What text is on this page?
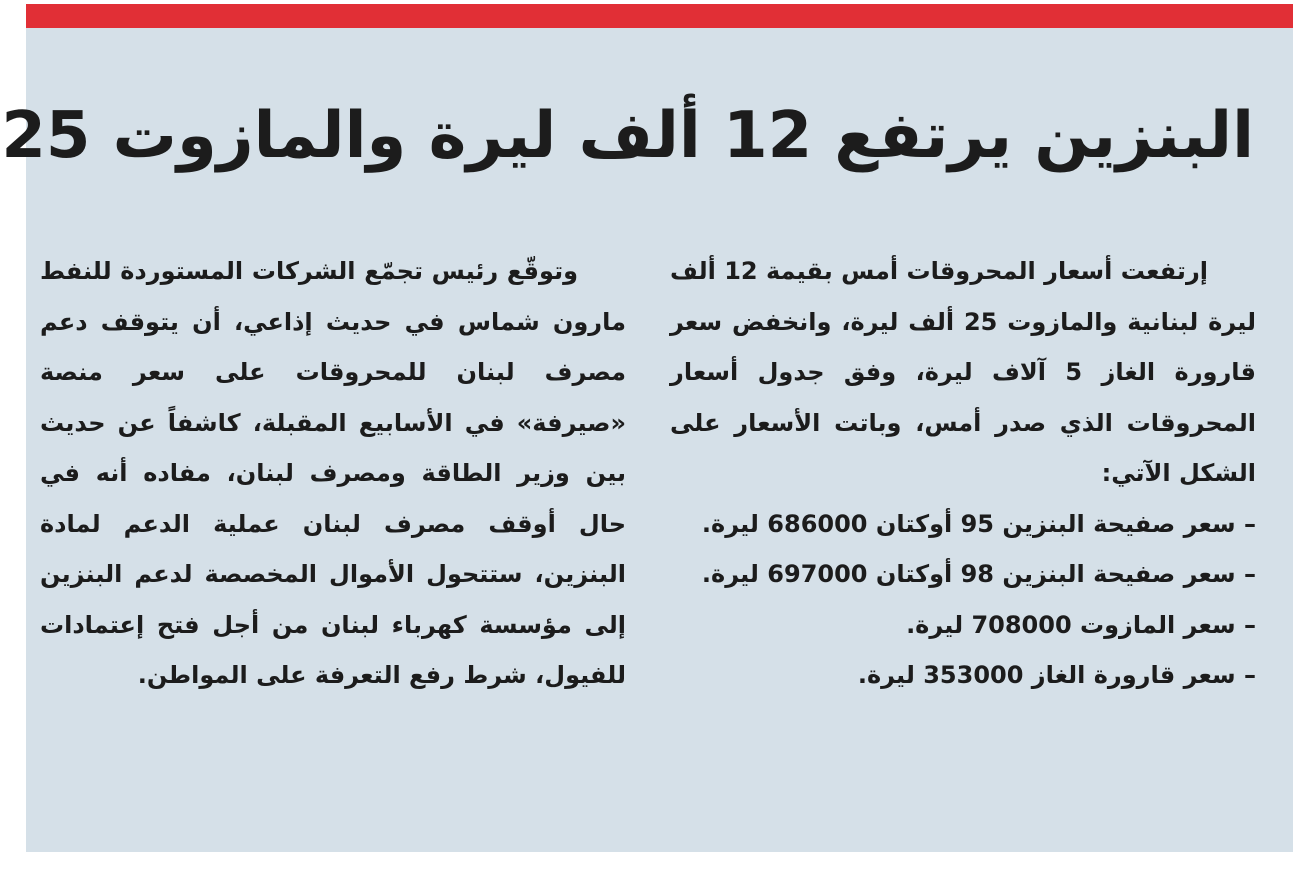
البنزين يرتفع 12 ألف ليرة والمازوت 25

إرتفعت أسعار المحروقات أمس بقيمة 12 ألف ليرة لبنانية والمازوت 25 ألف ليرة، وانخفض سعر قارورة الغاز 5 آلاف ليرة، وفق جدول أسعار المحروقات الذي صدر أمس، وباتت الأسعار على الشكل الآتي:

– سعر صفيحة البنزين 95 أوكتان 686000 ليرة.

– سعر صفيحة البنزين 98 أوكتان 697000 ليرة.

– سعر المازوت 708000 ليرة.

– سعر قارورة الغاز 353000 ليرة.

وتوقّع رئيس تجمّع الشركات المستوردة للنفط مارون شماس في حديث إذاعي، أن يتوقف دعم مصرف لبنان للمحروقات على سعر منصة «صيرفة» في الأسابيع المقبلة، كاشفاً عن حديث بين وزير الطاقة ومصرف لبنان، مفاده أنه في حال أوقف مصرف لبنان عملية الدعم لمادة البنزين، ستتحول الأموال المخصصة لدعم البنزين إلى مؤسسة كهرباء لبنان من أجل فتح إعتمادات للفيول، شرط رفع التعرفة على المواطن.
